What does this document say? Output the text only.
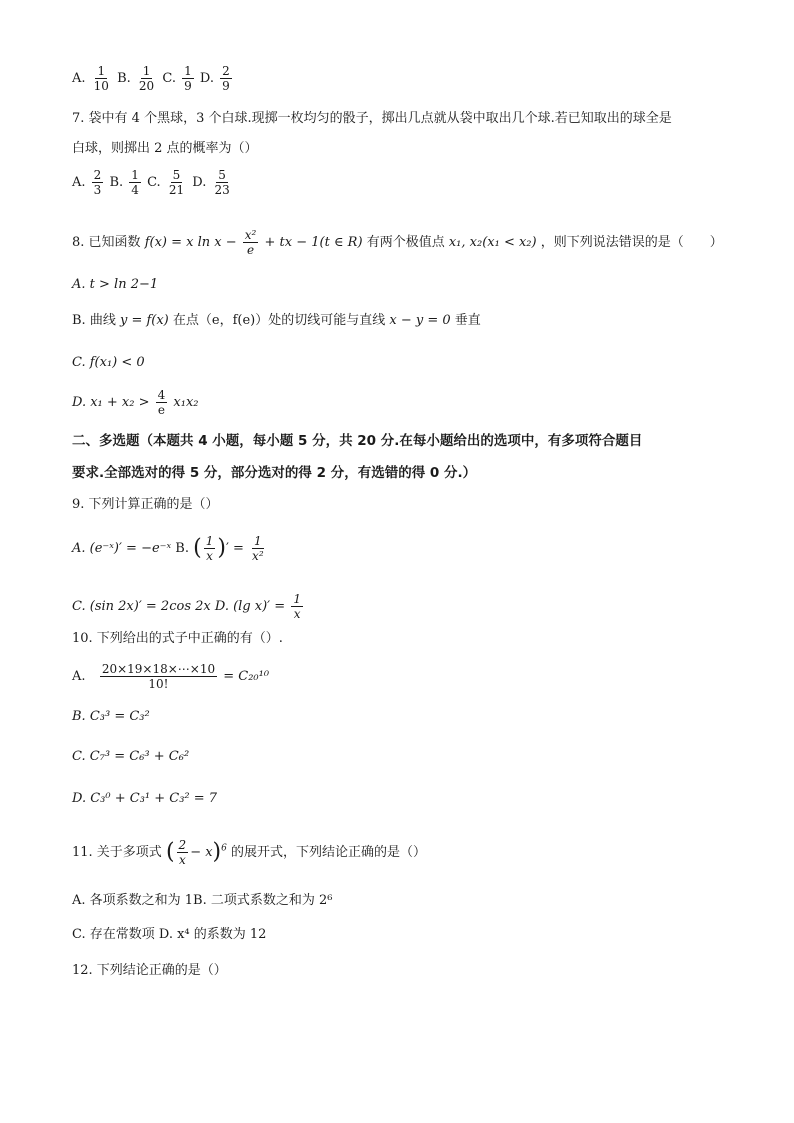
A. $\frac{1}{10} B$. $\frac{1}{20} C$. $\frac{1}{9} D$. $\frac{2}{9}$
7. 袋中有 4 个黑球，3 个白球.现掷一枚均匀的骰子，掷出几点就从袋中取出几个球.若已知取出的球全是
白球，则掷出 2 点的概率为（）
A. $\frac{2}{3} B$. $\frac{1}{4} C$. $\frac{5}{21} D$. $\frac{5}{23}$
8. 已知函数 f(x) = x $\ln x - \frac{\text{x²}}{e}$ + tx − 1(t ∈ R) 有两个极值点 x₁, x₂(x₁ < x₂) ，则下列说法错误的是（　　）
A. t > ln 2−1
B. 曲线 y = f(x) 在点（e，f(e)）处的切线可能与直线 x − y = 0 垂直
C. f(x₁) < 0
D. $x_1 + x_2 > \frac{4}{e} x_1x_2$
二、多选题（本题共 4 小题，每小题 5 分，共 20 分.在每小题给出的选项中，有多项符合题目
要求.全部选对的得 5 分，部分选对的得 2 分，有选错的得 0 分.）
9. 下列计算正确的是（）
A. (e⁻ˣ)′ = −e⁻ˣ B. ( $\frac{1}{x}$ )′ = $\frac{1}{\text{x²}}$
C. (sin 2x)′ = 2cos 2x D. (lg $x)' = \frac{1}{x}$
10. 下列给出的式子中正确的有（）.
A. $\frac{20\times 19\times 18\times\cdots\times 10}{10!} = C_{20}^{10}$
B. C₃³ = C₃²
C. C₇³ = C₆³ + C₆²
D. C₃⁰ + C₃¹ + C₃² = 7
11. 关于多项式 ( $\frac{2}{x} - x)^6$ 的展开式，下列结论正确的是（）
A. 各项系数之和为 1B. 二项式系数之和为 2⁶
C. 存在常数项 D. x⁴ 的系数为 12
12. 下列结论正确的是（）
